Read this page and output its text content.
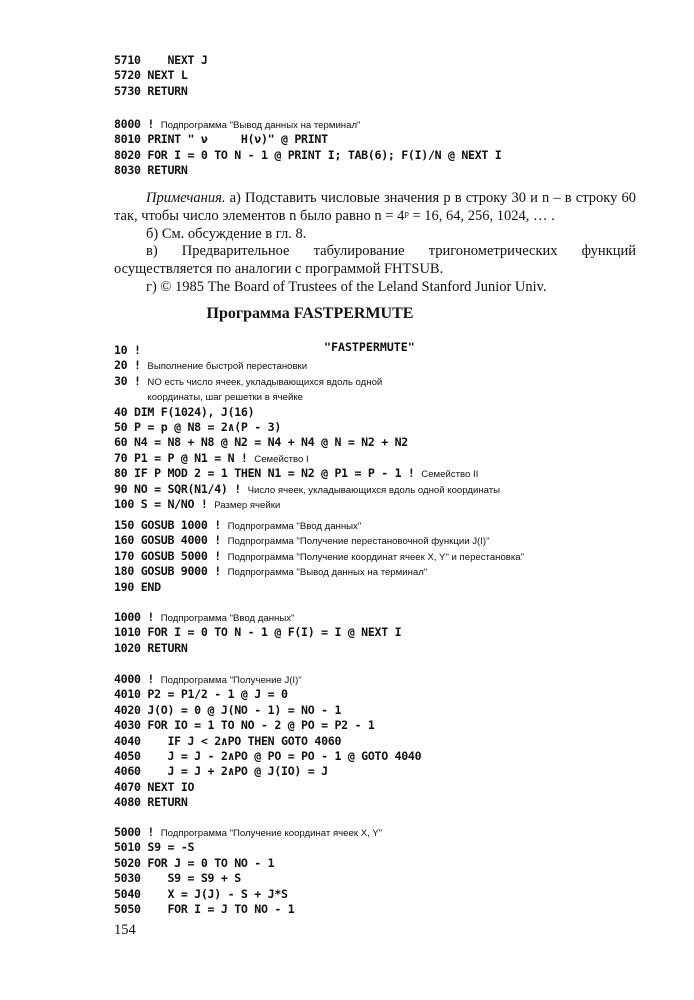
5710    NEXT J
5720 NEXT L
5730 RETURN
8000 ! Подпрограмма "Вывод данных на терминал"
8010 PRINT " ν     H(ν)" @ PRINT
8020 FOR I = 0 TO N - 1 @ PRINT I; TAB(6); F(I)/N @ NEXT I
8030 RETURN

Примечания. а) Подставить числовые значения p в строку 30 и n – в строку 60 так, чтобы число элементов n было равно n = 4ᵖ = 16, 64, 256, 1024, … .

б) См. обсуждение в гл. 8.

в) Предварительное табулирование тригонометрических функций осуществляется по аналогии с программой FHTSUB.

г) © 1985 The Board of Trustees of the Leland Stanford Junior Univ.

Программа FASTPERMUTE
"FASTPERMUTE"
10 !
20 ! Выполнение быстрой перестановки
30 ! NO есть число ячеек, укладывающихся вдоль одной
координаты, шаг решетки в ячейке
40 DIM F(1024), J(16)
50 P = p @ N8 = 2∧(P - 3)
60 N4 = N8 + N8 @ N2 = N4 + N4 @ N = N2 + N2
70 P1 = P @ N1 = N ! Семейство I
80 IF P MOD 2 = 1 THEN N1 = N2 @ P1 = P - 1 ! Семейство II
90 NO = SQR(N1/4) ! Число ячеек, укладывающихся вдоль одной координаты
100 S = N/NO ! Размер ячейки
150 GOSUB 1000 ! Подпрограмма "Ввод данных"
160 GOSUB 4000 ! Подпрограмма "Получение перестановочной функции J(I)"
170 GOSUB 5000 ! Подпрограмма "Получение координат ячеек X, Y" и перестановка"
180 GOSUB 9000 ! Подпрограмма "Вывод данных на терминал"
190 END
1000 ! Подпрограмма "Ввод данных"
1010 FOR I = 0 TO N - 1 @ F(I) = I @ NEXT I
1020 RETURN
4000 ! Подпрограмма "Получение J(I)"
4010 P2 = P1/2 - 1 @ J = 0
4020 J(O) = 0 @ J(NO - 1) = NO - 1
4030 FOR IO = 1 TO NO - 2 @ PO = P2 - 1
4040    IF J < 2∧PO THEN GOTO 4060
4050    J = J - 2∧PO @ PO = PO - 1 @ GOTO 4040
4060    J = J + 2∧PO @ J(IO) = J
4070 NEXT IO
4080 RETURN
5000 ! Подпрограмма "Получение координат ячеек X, Y"
5010 S9 = -S
5020 FOR J = 0 TO NO - 1
5030    S9 = S9 + S
5040    X = J(J) - S + J*S
5050    FOR I = J TO NO - 1
154
